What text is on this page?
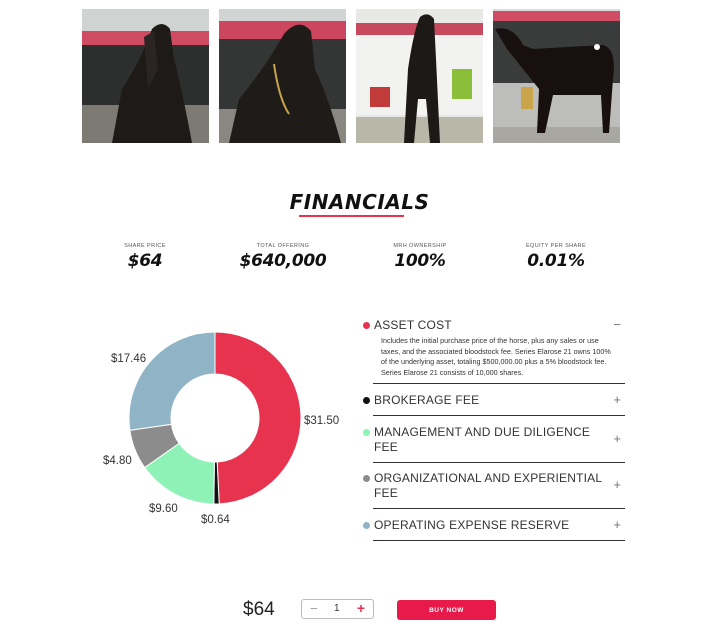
FINANCIALS
SHARE PRICE
$64
TOTAL OFFERING
$640,000
MRH OWNERSHIP
100%
EQUITY PER SHARE
0.01%
$31.50
$0.64
$9.60
$4.80
$17.46
ASSET COST	−
Includes the initial purchase price of the horse, plus any sales or use taxes, and the associated bloodstock fee. Series Elarose 21 owns 100% of the underlying asset, totaling $500,000.00 plus a 5% bloodstock fee. Series Elarose 21 consists of 10,000 shares.
BROKERAGE FEE	+
MANAGEMENT AND DUE DILIGENCE FEE
+
ORGANIZATIONAL AND EXPERIENTIAL FEE
+
OPERATING EXPENSE RESERVE	+
$64	− 1 +	BUY NOW
